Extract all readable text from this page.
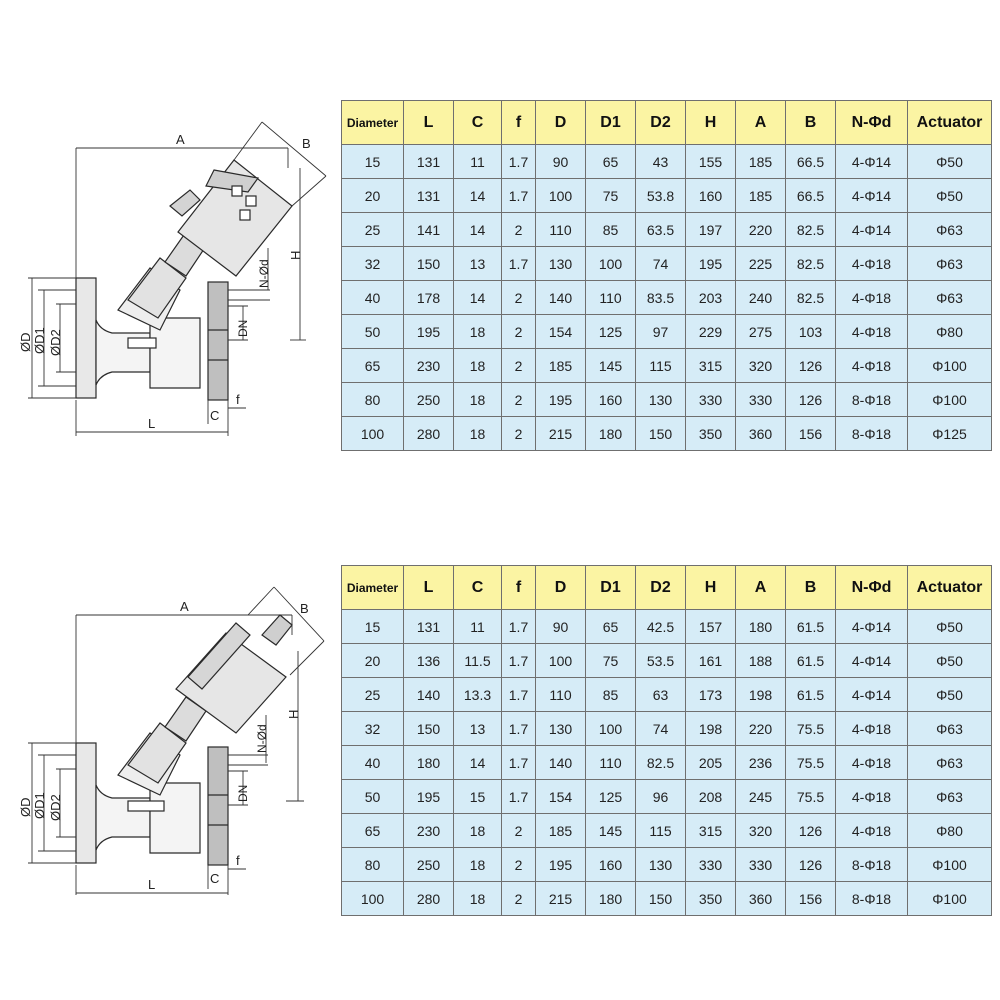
A	B
H
N-Ød
DN
L
C
f
ØD ØD1 ØD2
Diameter	L	C	f	D	D1	D2	H	A	B	N-Φd	Actuator
15	131	11	1.7	90	65	43	155	185	66.5	4-Φ14	Φ50
20	131	14	1.7	100	75	53.8	160	185	66.5	4-Φ14	Φ50
25	141	14	2	110	85	63.5	197	220	82.5	4-Φ14	Φ63
32	150	13	1.7	130	100	74	195	225	82.5	4-Φ18	Φ63
40	178	14	2	140	110	83.5	203	240	82.5	4-Φ18	Φ63
50	195	18	2	154	125	97	229	275	103	4-Φ18	Φ80
65	230	18	2	185	145	115	315	320	126	4-Φ18	Φ100
80	250	18	2	195	160	130	330	330	126	8-Φ18	Φ100
100	280	18	2	215	180	150	350	360	156	8-Φ18	Φ125
A	B
H
N-Ød
DN
L	C
f
ØD ØD1 ØD2
Diameter	L	C	f	D	D1	D2	H	A	B	N-Φd	Actuator
15	131	11	1.7	90	65	42.5	157	180	61.5	4-Φ14	Φ50
20	136	11.5	1.7	100	75	53.5	161	188	61.5	4-Φ14	Φ50
25	140	13.3	1.7	110	85	63	173	198	61.5	4-Φ14	Φ50
32	150	13	1.7	130	100	74	198	220	75.5	4-Φ18	Φ63
40	180	14	1.7	140	110	82.5	205	236	75.5	4-Φ18	Φ63
50	195	15	1.7	154	125	96	208	245	75.5	4-Φ18	Φ63
65	230	18	2	185	145	115	315	320	126	4-Φ18	Φ80
80	250	18	2	195	160	130	330	330	126	8-Φ18	Φ100
100	280	18	2	215	180	150	350	360	156	8-Φ18	Φ100
